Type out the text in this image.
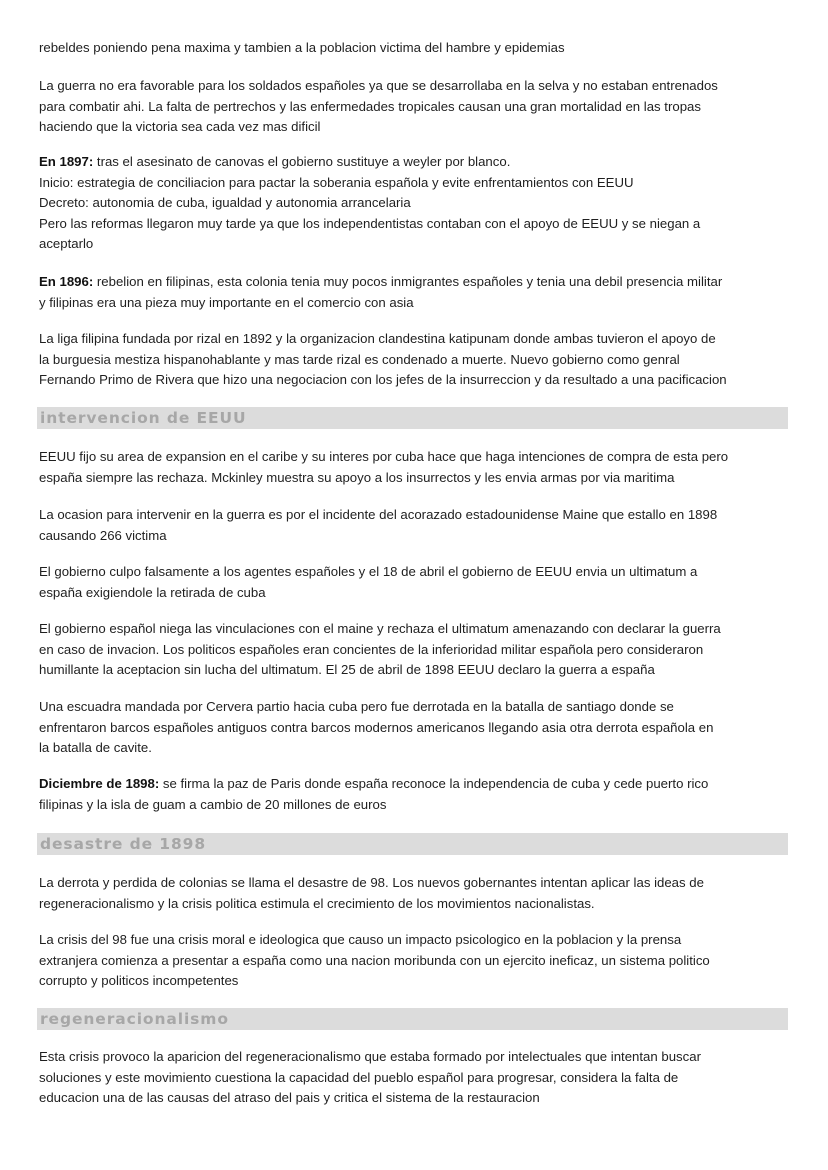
rebeldes poniendo pena maxima y tambien a la poblacion victima del hambre y epidemias

La guerra no era favorable para los soldados españoles ya que se desarrollaba en la selva y no estaban entrenados
para combatir ahi. La falta de pertrechos y las enfermedades tropicales causan una gran mortalidad en las tropas
haciendo que la victoria sea cada vez mas dificil

En 1897: tras el asesinato de canovas el gobierno sustituye a weyler por blanco.
Inicio: estrategia de conciliacion para pactar la soberania española y evite enfrentamientos con EEUU
Decreto: autonomia de cuba, igualdad y autonomia arrancelaria
Pero las reformas llegaron muy tarde ya que los independentistas contaban con el apoyo de EEUU y se niegan a
aceptarlo

En 1896: rebelion en filipinas, esta colonia tenia muy pocos inmigrantes españoles y tenia una debil presencia militar
y filipinas era una pieza muy importante en el comercio con asia

La liga filipina fundada por rizal en 1892 y la organizacion clandestina katipunam donde ambas tuvieron el apoyo de
la burguesia mestiza hispanohablante y mas tarde rizal es condenado a muerte. Nuevo gobierno como genral
Fernando Primo de Rivera que hizo una negociacion con los jefes de la insurreccion y da resultado a una pacificacion

intervencion de EEUU

EEUU fijo su area de expansion en el caribe y su interes por cuba hace que haga intenciones de compra de esta pero
españa siempre las rechaza. Mckinley muestra su apoyo a los insurrectos y les envia armas por via maritima

La ocasion para intervenir en la guerra es por el incidente del acorazado estadounidense Maine que estallo en 1898
causando 266 victima

El gobierno culpo falsamente a los agentes españoles y el 18 de abril el gobierno de EEUU envia un ultimatum a
españa exigiendole la retirada de cuba

El gobierno español niega las vinculaciones con el maine y rechaza el ultimatum amenazando con declarar la guerra
en caso de invacion. Los politicos españoles eran concientes de la inferioridad militar española pero consideraron
humillante la aceptacion sin lucha del ultimatum. El 25 de abril de 1898 EEUU declaro la guerra a españa

Una escuadra mandada por Cervera partio hacia cuba pero fue derrotada en la batalla de santiago donde se
enfrentaron barcos españoles antiguos contra barcos modernos americanos llegando asia otra derrota española en
la batalla de cavite.

Diciembre de 1898: se firma la paz de Paris donde españa reconoce la independencia de cuba y cede puerto rico
filipinas y la isla de guam a cambio de 20 millones de euros

desastre de 1898

La derrota y perdida de colonias se llama el desastre de 98. Los nuevos gobernantes intentan aplicar las ideas de
regeneracionalismo y la crisis politica estimula el crecimiento de los movimientos nacionalistas.

La crisis del 98 fue una crisis moral e ideologica que causo un impacto psicologico en la poblacion y la prensa
extranjera comienza a presentar a españa como una nacion moribunda con un ejercito ineficaz, un sistema politico
corrupto y politicos incompetentes

regeneracionalismo

Esta crisis provoco la aparicion del regeneracionalismo que estaba formado por intelectuales que intentan buscar
soluciones y este movimiento cuestiona la capacidad del pueblo español para progresar, considera la falta de
educacion una de las causas del atraso del pais y critica el sistema de la restauracion
